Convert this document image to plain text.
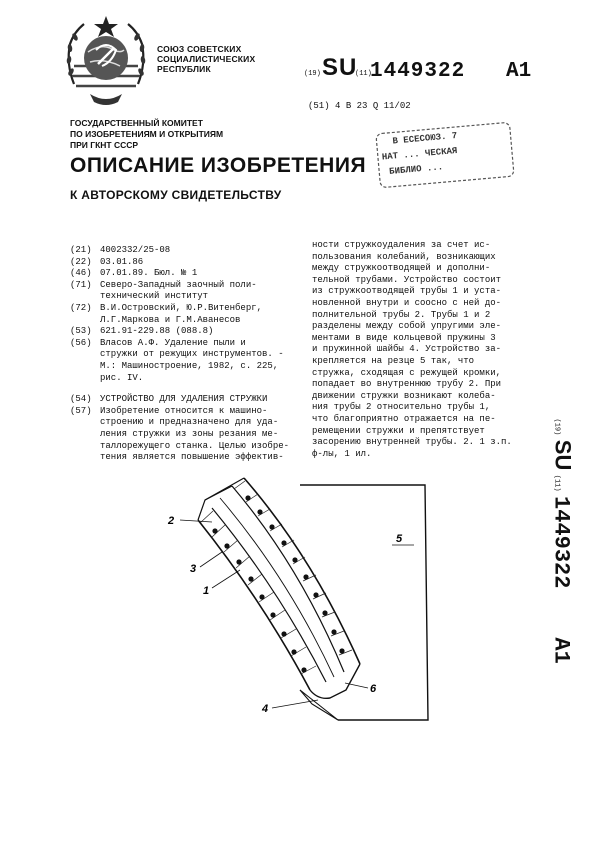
СОЮЗ СОВЕТСКИХ
СОЦИАЛИСТИЧЕСКИХ
РЕСПУБЛИК	(19) SU
(11)
1449322 A1
(51) 4 В 23 Q 11/02
ГОСУДАРСТВЕННЫЙ КОМИТЕТ
ПО ИЗОБРЕТЕНИЯМ И ОТКРЫТИЯМ
ПРИ ГКНТ СССР	В ЕСЕСОЮЗ. 7
НАТ ... ЧЕСКАЯ
БИБЛИО ...
ОПИСАНИЕ ИЗОБРЕТЕНИЯ
К АВТОРСКОМУ СВИДЕТЕЛЬСТВУ
(21) 4002332/25-08
(22) 03.01.86
(46) 07.01.89. Бюл. № 1
(71) Северо-Западный заочный поли-
технический институт
(72) В.И.Островский, Ю.Р.Витенберг,
Л.Г.Маркова и Г.М.Аванесов
(53) 621.91-229.88 (088.8)
(56) Власов А.Ф. Удаление пыли и
стружки от режущих инструментов. -
М.: Машиностроение, 1982, с. 225,
рис. IV.
(54) УСТРОЙСТВО ДЛЯ УДАЛЕНИЯ СТРУЖКИ
(57) Изобретение относится к машино-
строению и предназначено для уда-
ления стружки из зоны резания ме-
таллорежущего станка. Целью изобре-
тения является повышение эффектив-
ности стружкоудаления за счет ис-
пользования колебаний, возникающих
между стружкоотводящей и дополни-
тельной трубами. Устройство состоит
из стружкоотводящей трубы 1 и уста-
новленной внутри и соосно с ней до-
полнительной трубы 2. Трубы 1 и 2
разделены между собой упругими эле-
ментами в виде кольцевой пружины 3
и пружинной шайбы 4. Устройство за-
крепляется на резце 5 так, что
стружка, сходящая с режущей кромки,
попадает во внутреннюю трубу 2. При
движении стружки возникают колеба-
ния трубы 2 относительно трубы 1,
что благоприятно отражается на пе-
ремещении стружки и препятствует
засорению внутренней трубы. 2. 1 з.п.
ф-лы, 1 ил.
(19) SU (11) 1449322  A1
2
3
1
4
5
6
